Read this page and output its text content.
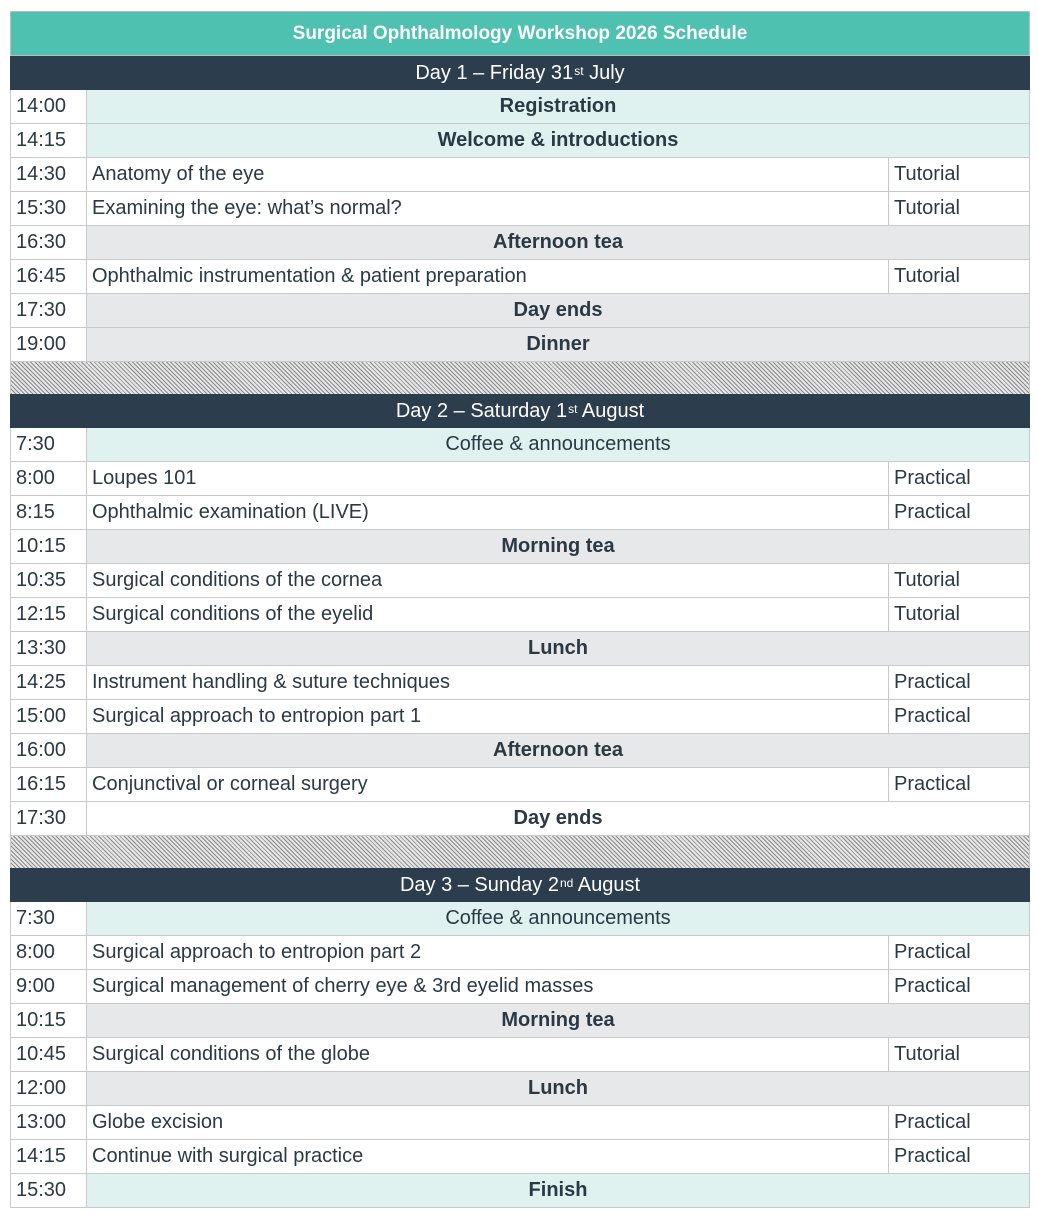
Surgical Ophthalmology Workshop 2026 Schedule
Day 1 – Friday 31st July
14:00	Registration
14:15	Welcome & introductions
14:30	Anatomy of the eye	Tutorial
15:30	Examining the eye: what’s normal?	Tutorial
16:30	Afternoon tea
16:45	Ophthalmic instrumentation & patient preparation	Tutorial
17:30	Day ends
19:00	Dinner
Day 2 – Saturday 1st August
7:30	Coffee & announcements
8:00	Loupes 101	Practical
8:15	Ophthalmic examination (LIVE)	Practical
10:15	Morning tea
10:35	Surgical conditions of the cornea	Tutorial
12:15	Surgical conditions of the eyelid	Tutorial
13:30	Lunch
14:25	Instrument handling & suture techniques	Practical
15:00	Surgical approach to entropion part 1	Practical
16:00	Afternoon tea
16:15	Conjunctival or corneal surgery	Practical
17:30	Day ends
Day 3 – Sunday 2nd August
7:30	Coffee & announcements
8:00	Surgical approach to entropion part 2	Practical
9:00	Surgical management of cherry eye & 3rd eyelid masses	Practical
10:15	Morning tea
10:45	Surgical conditions of the globe	Tutorial
12:00	Lunch
13:00	Globe excision	Practical
14:15	Continue with surgical practice	Practical
15:30	Finish
